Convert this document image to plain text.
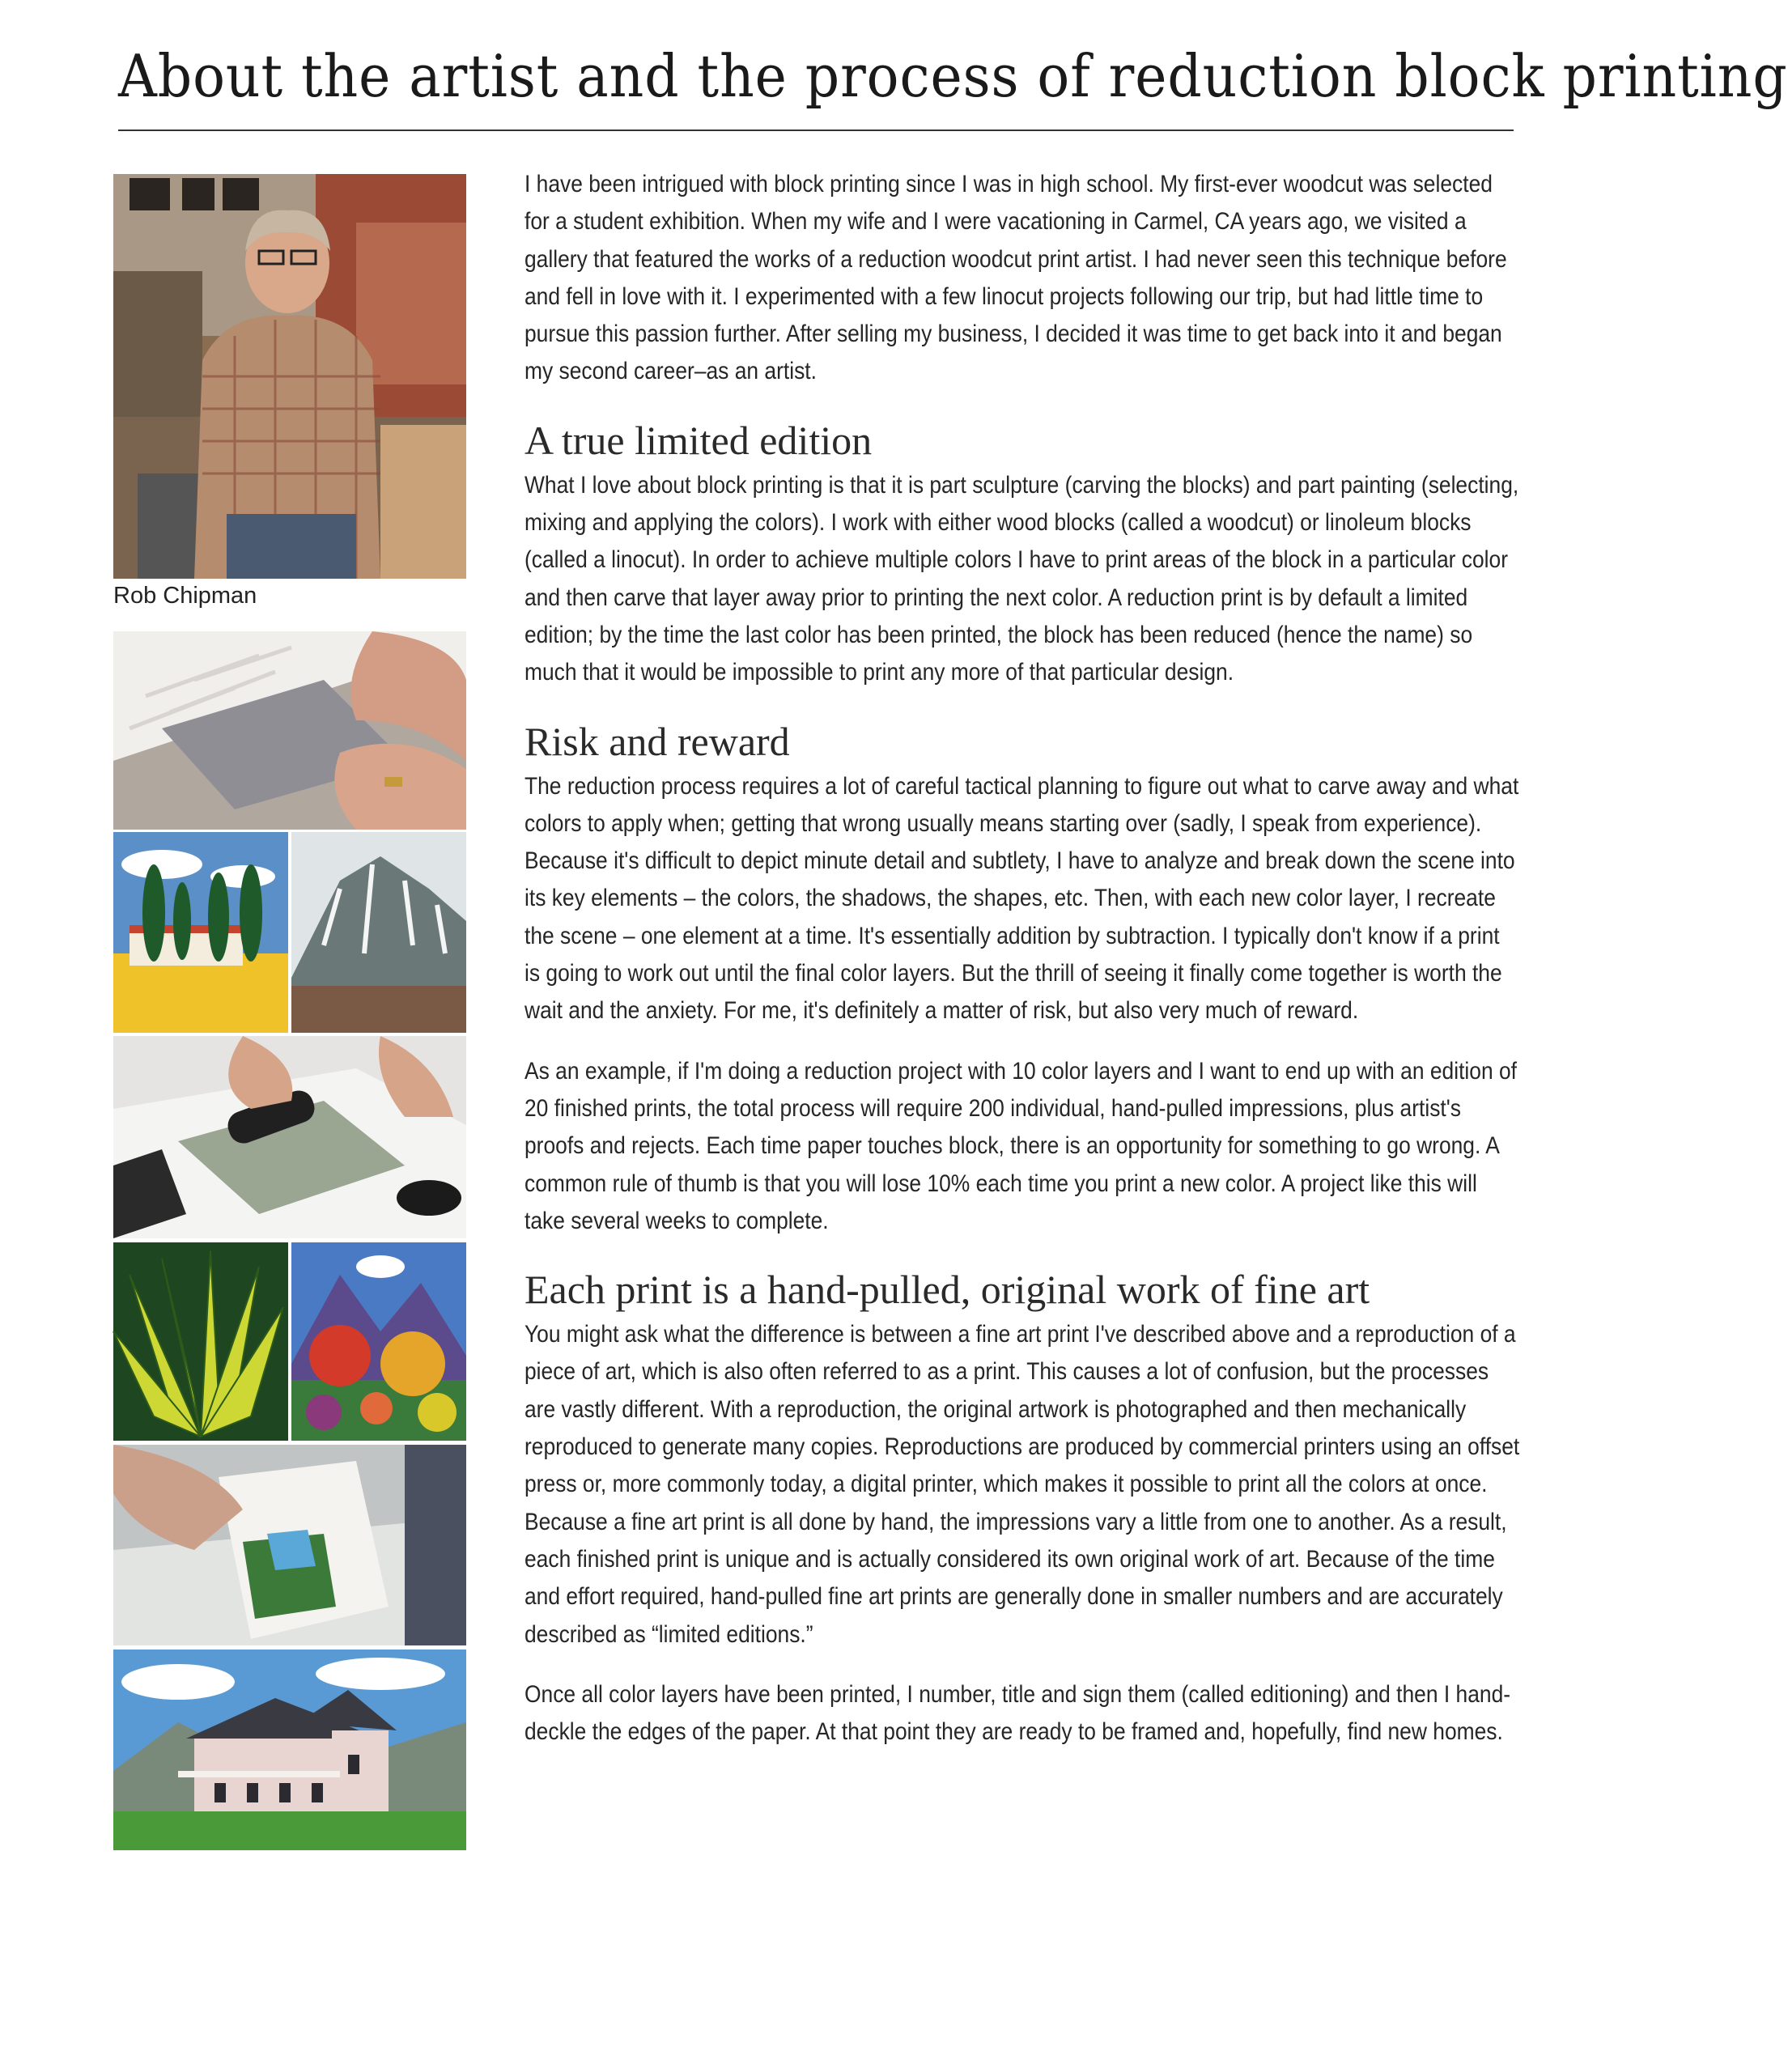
About the artist and the process of reduction block printing
Rob Chipman

I have been intrigued with block printing since I was in high school. My first-ever woodcut was selected for a student exhibition. When my wife and I were vacationing in Carmel, CA years ago, we visited a gallery that featured the works of a reduction woodcut print artist. I had never seen this technique before and fell in love with it. I experimented with a few linocut projects following our trip, but had little time to pursue this passion further. After selling my business, I decided it was time to get back into it and began my second career–as an artist.

A true limited edition

What I love about block printing is that it is part sculpture (carving the blocks) and part painting (selecting, mixing and applying the colors). I work with either wood blocks (called a woodcut) or linoleum blocks (called a linocut). In order to achieve multiple colors I have to print areas of the block in a particular color and then carve that layer away prior to printing the next color. A reduction print is by default a limited edition; by the time the last color has been printed, the block has been reduced (hence the name) so much that it would be impossible to print any more of that particular design.

Risk and reward

The reduction process requires a lot of careful tactical planning to figure out what to carve away and what colors to apply when; getting that wrong usually means starting over (sadly, I speak from experience). Because it's difficult to depict minute detail and subtlety, I have to analyze and break down the scene into its key elements – the colors, the shadows, the shapes, etc. Then, with each new color layer, I recreate the scene – one element at a time. It's essentially addition by subtraction. I typically don't know if a print is going to work out until the final color layers. But the thrill of seeing it finally come together is worth the wait and the anxiety. For me, it's definitely a matter of risk, but also very much of reward.

As an example, if I'm doing a reduction project with 10 color layers and I want to end up with an edition of 20 finished prints, the total process will require 200 individual, hand-pulled impressions, plus artist's proofs and rejects. Each time paper touches block, there is an opportunity for something to go wrong. A common rule of thumb is that you will lose 10% each time you print a new color. A project like this will take several weeks to complete.

Each print is a hand-pulled, original work of fine art

You might ask what the difference is between a fine art print I've described above and a reproduction of a piece of art, which is also often referred to as a print. This causes a lot of confusion, but the processes are vastly different. With a reproduction, the original artwork is photographed and then mechanically reproduced to generate many copies. Reproductions are produced by commercial printers using an offset press or, more commonly today, a digital printer, which makes it possible to print all the colors at once. Because a fine art print is all done by hand, the impressions vary a little from one to another. As a result, each finished print is unique and is actually considered its own original work of art. Because of the time and effort required, hand-pulled fine art prints are generally done in smaller numbers and are accurately described as “limited editions.”

Once all color layers have been printed, I number, title and sign them (called editioning) and then I hand-deckle the edges of the paper. At that point they are ready to be framed and, hopefully, find new homes.
